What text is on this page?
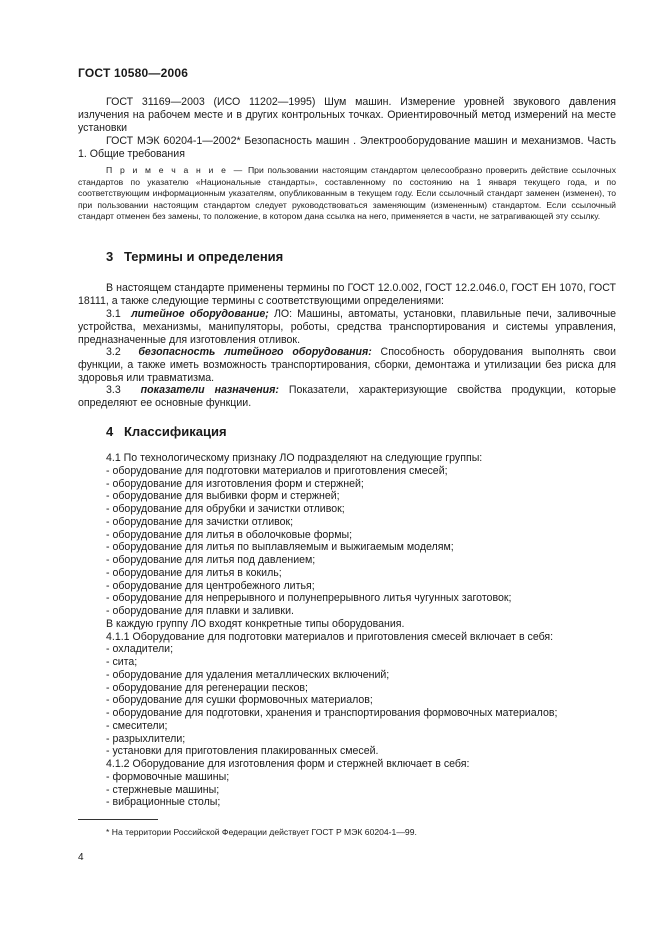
ГОСТ 10580—2006
ГОСТ 31169—2003 (ИСО 11202—1995) Шум машин. Измерение уровней звукового давления излучения на рабочем месте и в других контрольных точках. Ориентировочный метод измерений на месте установки
ГОСТ МЭК 60204-1—2002* Безопасность машин . Электрооборудование машин и механизмов. Часть 1. Общие требования
П р и м е ч а н и е — При пользовании настоящим стандартом целесообразно проверить действие ссылочных стандартов по указателю «Национальные стандарты», составленному по состоянию на 1 января текущего года, и по соответствующим информационным указателям, опубликованным в текущем году. Если ссылочный стандарт заменен (изменен), то при пользовании настоящим стандартом следует руководствоваться заменяющим (измененным) стандартом. Если ссылочный стандарт отменен без замены, то положение, в котором дана ссылка на него, применяется в части, не затрагивающей эту ссылку.
3 Термины и определения
В настоящем стандарте применены термины по ГОСТ 12.0.002, ГОСТ 12.2.046.0, ГОСТ ЕН 1070, ГОСТ 18111, а также следующие термины с соответствующими определениями:
3.1 литейное оборудование; ЛО: Машины, автоматы, установки, плавильные печи, заливочные устройства, механизмы, манипуляторы, роботы, средства транспортирования и системы управления, предназначенные для изготовления отливок.
3.2 безопасность литейного оборудования: Способность оборудования выполнять свои функции, а также иметь возможность транспортирования, сборки, демонтажа и утилизации без риска для здоровья или травматизма.
3.3 показатели назначения: Показатели, характеризующие свойства продукции, которые определяют ее основные функции.
4 Классификация
4.1 По технологическому признаку ЛО подразделяют на следующие группы:
- оборудование для подготовки материалов и приготовления смесей;
- оборудование для изготовления форм и стержней;
- оборудование для выбивки форм и стержней;
- оборудование для обрубки и зачистки отливок;
- оборудование для зачистки отливок;
- оборудование для литья в оболочковые формы;
- оборудование для литья по выплавляемым и выжигаемым моделям;
- оборудование для литья под давлением;
- оборудование для литья в кокиль;
- оборудование для центробежного литья;
- оборудование для непрерывного и полунепрерывного литья чугунных заготовок;
- оборудование для плавки и заливки.
В каждую группу ЛО входят конкретные типы оборудования.
4.1.1 Оборудование для подготовки материалов и приготовления смесей включает в себя:
- охладители;
- сита;
- оборудование для удаления металлических включений;
- оборудование для регенерации песков;
- оборудование для сушки формовочных материалов;
- оборудование для подготовки, хранения и транспортирования формовочных материалов;
- смесители;
- разрыхлители;
- установки для приготовления плакированных смесей.
4.1.2 Оборудование для изготовления форм и стержней включает в себя:
- формовочные машины;
- стержневые машины;
- вибрационные столы;
* На территории Российской Федерации действует ГОСТ Р МЭК 60204-1—99.
4
